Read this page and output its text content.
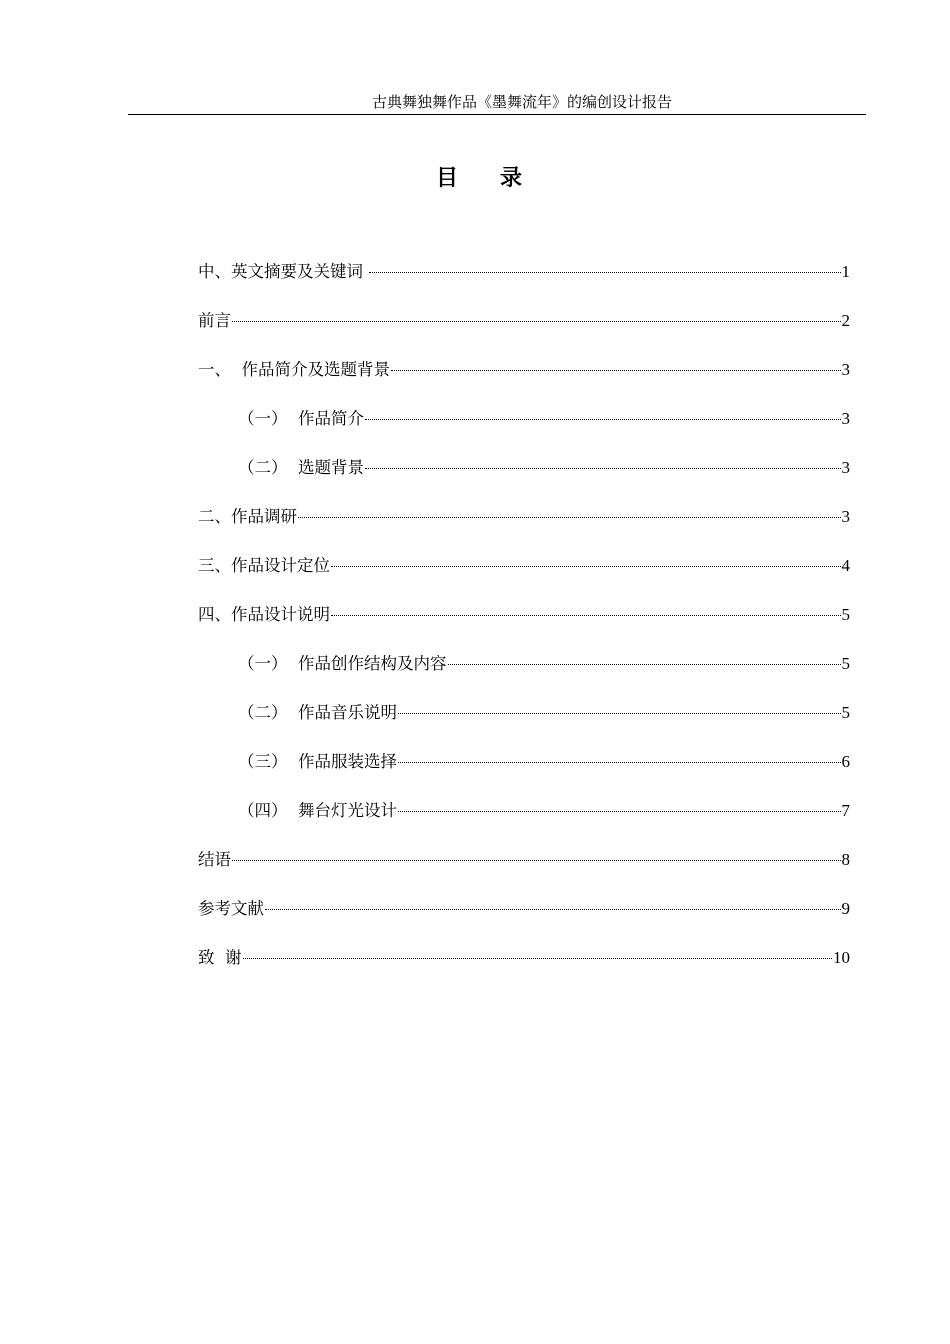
古典舞独舞作品《墨舞流年》的编创设计报告
目录
中、英文摘要及关键词	1
前言	2
一、 作品简介及选题背景	3
（一） 作品简介	3
（二） 选题背景	3
二、 作品调研	3
三、 作品设计定位	4
四、 作品设计说明	5
（一） 作品创作结构及内容	5
（二） 作品音乐说明	5
（三） 作品服装选择	6
（四） 舞台灯光设计	7
结语	8
参考文献	9
致  谢	10
